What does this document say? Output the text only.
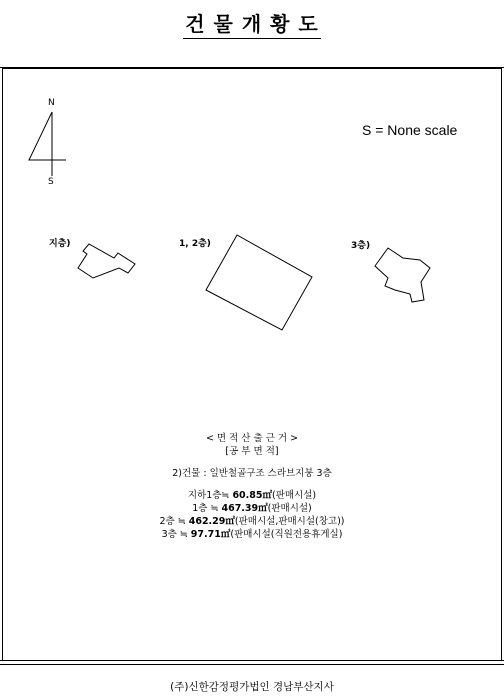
건 물 개 황 도
N
S
S = None scale
지층)	1, 2층)	3층)
< 면 적 산 출 근 거 >
[공 부 면 적]
2)건물 : 일반철골구조 스라브지붕 3층
지하1층≒ 60.85㎡(판매시설)
1층 ≒ 467.39㎡(판매시설)
2층 ≒ 462.29㎡(판매시설,판매시설(창고))
3층 ≒ 97.71㎡(판매시설(직원전용휴게실)
(주)신한감정평가법인 경남부산지사
